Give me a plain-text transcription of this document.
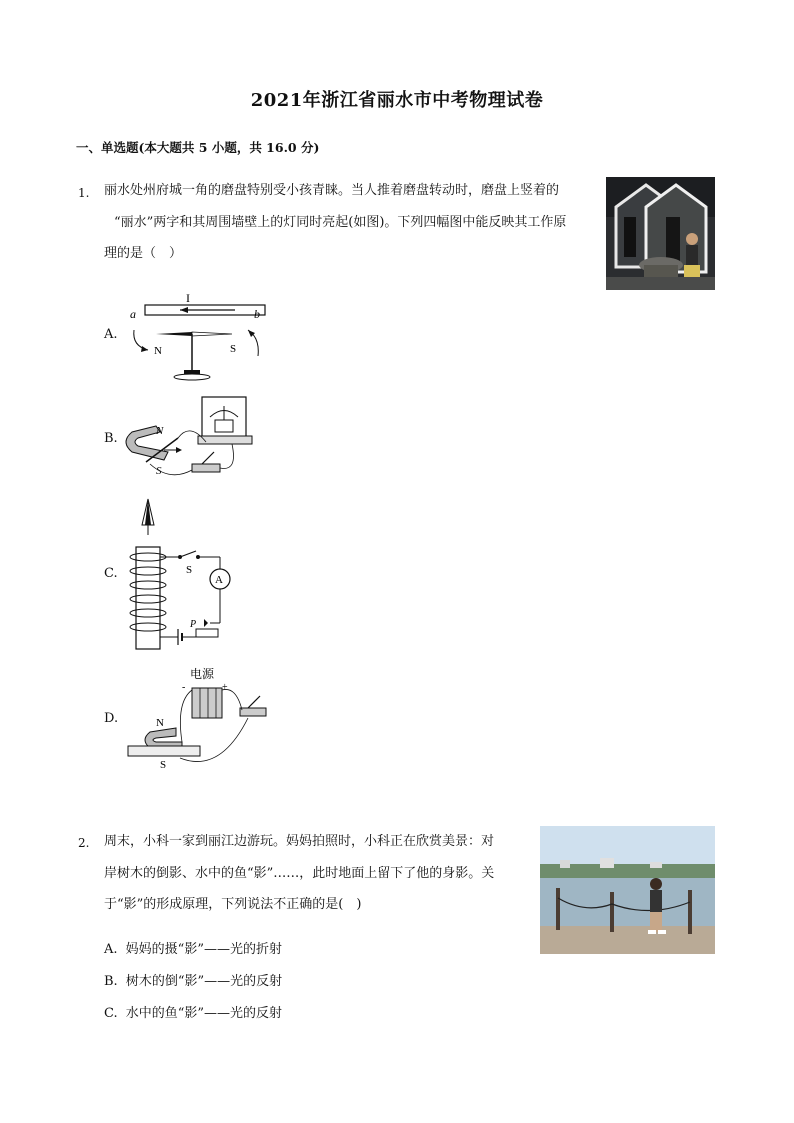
2021年浙江省丽水市中考物理试卷
一、单选题(本大题共 5 小题，共 16.0 分)
1. 丽水处州府城一角的磨盘特别受小孩青睐。当人推着磨盘转动时，磨盘上竖着的
“丽水”两字和其周围墙壁上的灯同时亮起(如图)。下列四幅图中能反映其工作原
理的是（　）
A.
I
a	b
N	S
B.	N
S
C.	S
A
P
D.
电源
-	+
N
S
2. 周末，小科一家到丽江边游玩。妈妈拍照时，小科正在欣赏美景：对
岸树木的倒影、水中的鱼“影”……，此时地面上留下了他的身影。关
于“影”的形成原理，下列说法不正确的是(　)
A. 妈妈的摄“影”——光的折射
B. 树木的倒“影”——光的反射
C. 水中的鱼“影”——光的反射
